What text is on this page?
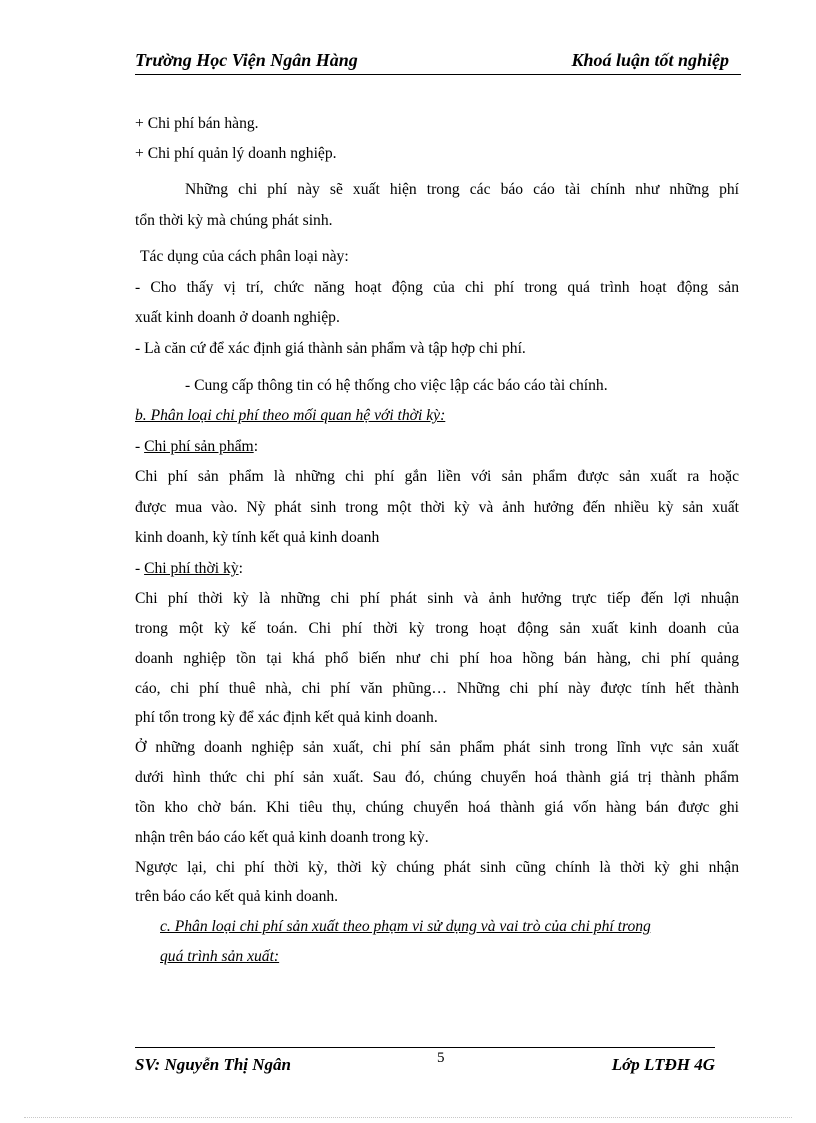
Trường Học Viện Ngân Hàng	Khoá luận tốt nghiệp
+ Chi phí bán hàng.
+ Chi phí quản lý doanh nghiệp.
Những chi phí này sẽ xuất hiện trong các báo cáo tài chính như những phí
tổn thời kỳ mà chúng phát sinh.
Tác dụng của cách phân loại này:
- Cho thấy vị trí, chức năng hoạt động của chi phí trong quá trình hoạt động sản
xuất kinh doanh ở doanh nghiệp.
- Là căn cứ để xác định giá thành sản phẩm và tập hợp chi phí.
- Cung cấp thông tin có hệ thống cho việc lập các báo cáo tài chính.
b. Phân loại chi phí theo mối quan hệ với thời kỳ:
- Chi phí sản phẩm:
Chi phí sản phẩm là những chi phí gắn liền với sản phẩm được sản xuất ra hoặc
được mua vào. Nỳ phát sinh trong một thời kỳ và ảnh hưởng đến nhiều kỳ sản xuất
kinh doanh, kỳ tính kết quả kinh doanh
- Chi phí thời kỳ:
Chi phí thời kỳ là những chi phí phát sinh và ảnh hưởng trực tiếp đến lợi nhuận
trong một kỳ kế toán. Chi phí thời kỳ trong hoạt động sản xuất kinh doanh của
doanh nghiệp tồn tại khá phổ biến như chi phí hoa hồng bán hàng, chi phí quảng
cáo, chi phí thuê nhà, chi phí văn phũng… Những chi phí này được tính hết thành
phí tổn trong kỳ để xác định kết quả kinh doanh.
Ở những doanh nghiệp sản xuất, chi phí sản phẩm phát sinh trong lĩnh vực sản xuất
dưới hình thức chi phí sản xuất. Sau đó, chúng chuyển hoá thành giá trị thành phẩm
tồn kho chờ bán. Khi tiêu thụ, chúng chuyển hoá thành giá vốn hàng bán được ghi
nhận trên báo cáo kết quả kinh doanh trong kỳ.
Ngược lại, chi phí thời kỳ, thời kỳ chúng phát sinh cũng chính là thời kỳ ghi nhận
trên báo cáo kết quả kinh doanh.
c. Phân loại chi phí sản xuất theo phạm vi sử dụng và vai trò của chi phí trong
quá trình sản xuất:
SV: Nguyễn Thị Ngân	5	Lớp LTĐH 4G
